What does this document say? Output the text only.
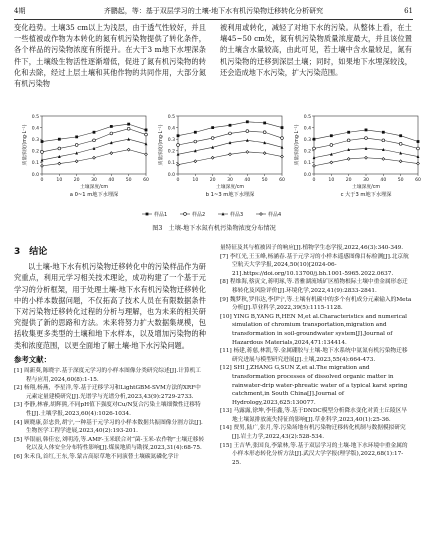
4期	齐鹏起，等：基于双层学习的土壤-地下水有机污染物迁移转化分析研究	61

变化趋势。土壤35 cm以上为浅层，由于透气性较好，并且一些植被或作物为本转化的氮有机污染物提供了转化条件，各个样品的污染物浓度有所提升。在大于3 m地下水埋深条件下，土壤级生物活性逐渐增低，促进了氮有机污染物的转化和去除，经过上层土壤和其他作物的共同作用，大部分氮有机污染物

被利用或转化，减轻了对地下水的污染。从整体上看，在土壤45~50 cm处，氮有机污染物质量浓度最大，并且该位置的土壤含水量较高，由此可见，若土壤中含水量较足，氮有机污染物的迁移到深层土壤；同时，如果地下水埋深较浅，还会造成地下水污染，扩大污染范围。

0.0
0.1
0.2
0.3
0.4
0.5
0	10 20 30 40 50 60
质量浓度/(mg·L⁻¹)
土壤深度/cm
a 0~1 m地下水埋深
0.0
0.1
0.2
0.3
0.4
0.5
0	10 20 30 40 50 60
质量浓度/(mg·L⁻¹)
土壤深度/cm
b 1~3 m地下水埋深
0.0
0.1
0.2
0.3
0.4
0.5
0	10 20 30 40 50 60
质量浓度/(mg·L⁻¹)
土壤深度/cm
c 大于3 m地下水埋深
样品1	样品2	样品3	样品4
图3　土壤-地下水氮有机污染物浓度分布情况
3　结论

以土壤-地下水有机污染物迁移转化中的污染样品作为研究重点，利用元学习相关技术理论，成功构建了一个基于元学习的分析框架，用于处理土壤-地下水有机污染物迁移转化中的小样本数据问题，不仅拓高了技术人员在有限数据条件下对污染物迁移转化过程的分析与理解，也为未来的相关研究提供了新的思路和方法。未来将努力扩大数据集规模，包括收集更多类型的土壤和地下水样本，以及增加污染物的种类和浓度范围，以更全面地了解土壤-地下水污染问题。

参考文献：

[1] 周新葵,陈晓宇.基于深度元学习的小样本图像分类研究综述[J].计算机工程与应用,2024,60(8):1-15.

[2] 杨翔,杨燕，李星洋,等.基于迁移学习和LightGBM-SVM方法的XRF中元素定量建模研究[J].光谱学与光谱分析,2023,43(9):2729-2733.

[3] 李静,林睿,胡辉熊,不同pH值下强度对Cu/N复合污染土壤细微性迁移特性[J].土壤学报,2023,60(4):1026-1034.

[4] 顾晓康,彭忠贵,胡宁,一种基于元学习的小样本数据共振图像分割方法[J].生物医学工程学进展,2023,40(2):193-201.

[5] 毕银丽,韩佳宏,刘明涛,等.AMF-玉米联合对“菌-玉米-农作物”土壤迁移转化以及人体安全分布特性影响[J].煤炭地质与勘探,2023,31(4):68-75.

[6] 朱禾良,首红,王东,等.蒙古高原草地不同演替土壤碳氮磷化学计

量特征及其与植被因子的响应[J].植物学生态学报,2022,46(3):340-349.

[7] 李红光,王玉峰,杨涵春.基于元学习的小样本遥感图像目标检测[J].北京航空航天大学学报,2024,50(10)[2024-06-21].https://doi.org/10.13700/j.bh.1001-5965.2022.0637.

[8] 程维海,蔡寅文,蒋明琢,等.普雅湖流域矿区植物根际土壤中重金属形态迁移转化及风险评价[J].环境化学,2022,41(9):2833-2841.

[9] 魏梦秋,罗伟达,李伊宁,等.土壤有机碳中的多个有机成分元素输入的Meta分析[J].草业科学,2022,39(5):1115-1128.

[10] YING B,YANG R,HEN M,et al.Characteristics and numerical simulation of chromium transportation,migration and transformation in soil-groundwater system[J].Journal of Hazardous Materials,2024,471:134414.

[11] 杨建,蒋慈,林凯,等.金属硼胶与土壤-地下水系统中氨氮有机污染物迁移研究进展与模型研究进展[J].土壤,2023,55(4):664-473.

[12] SHI J,ZHANG G,SUN Z,et al.The migration and transformation processes of dissolved organic matter in rainwater-drip water-phreatic water of a typical karst spring catchment,in South China[J].Journal of Hydrology,2023,625:130077.

[13] 马露露,徐坤,李佳鑫,等.基于DNDC模型分析降水变化对黄土丘陵区旱地土壤氮排放流失特征的影响[J].草业科学,2023,40(1):25-36.

[14] 贾男,陆广,张月,等.污染场地有机污染物迁移转化机制与数据模拟研究[J].岩土力学,2022,43(2):528-534.

[15] 王吉华,张国良,李蒙林,等.基于双层学习的土壤-地下水环境中重金属的小样本形态转化分析方法[J].武汉大学学报(理学版),2022,68(1):17-25.
